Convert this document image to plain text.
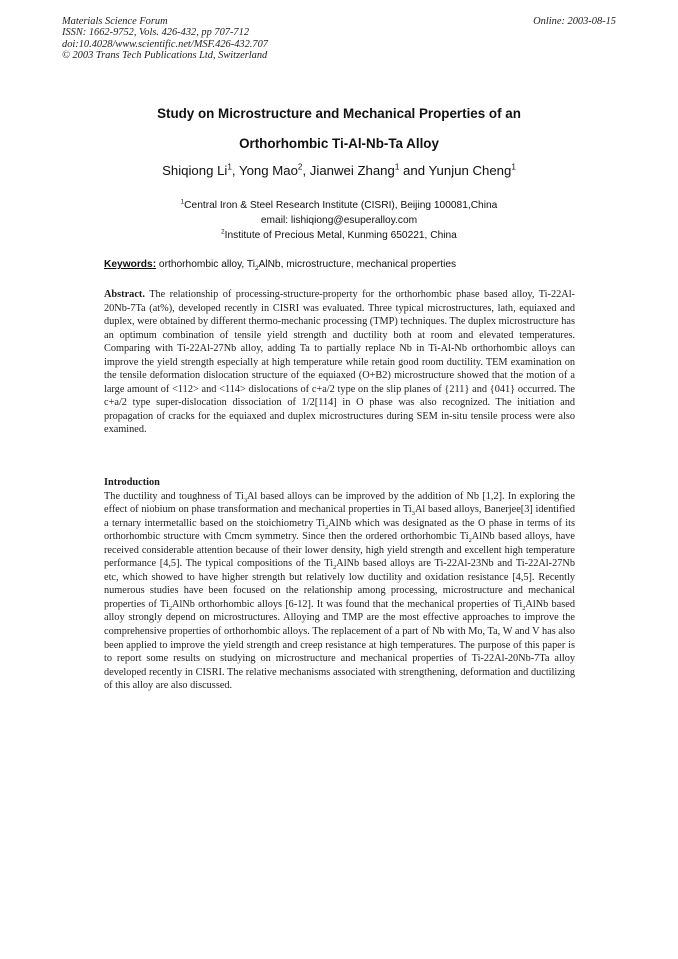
Materials Science Forum
ISSN: 1662-9752, Vols. 426-432, pp 707-712
doi:10.4028/www.scientific.net/MSF.426-432.707
© 2003 Trans Tech Publications Ltd, Switzerland
Online: 2003-08-15
Study on Microstructure and Mechanical Properties of an
Orthorhombic Ti-Al-Nb-Ta Alloy
Shiqiong Li$^1$, Yong Mao$^2$, Jianwei Zhang$^1$ and Yunjun Cheng$^1$
$^1$Central Iron & Steel Research Institute (CISRI), Beijing 100081,China
email: lishiqiong@esuperalloy.com
$^2$Institute of Precious Metal, Kunming 650221, China
Keywords: orthorhombic alloy, $Ti_2AlNb$, microstructure, mechanical properties
Abstract. The relationship of processing-structure-property for the orthorhombic phase based alloy, Ti-22Al-20Nb-7Ta (at%), developed recently in CISRI was evaluated. Three typical microstructures, lath, equiaxed and duplex, were obtained by different thermo-mechanic processing (TMP) techniques. The duplex microstructure has an optimum combination of tensile yield strength and ductility both at room and elevated temperatures. Comparing with Ti-22Al-27Nb alloy, adding Ta to partially replace Nb in Ti-Al-Nb orthorhombic alloys can improve the yield strength especially at high temperature while retain good room ductility. TEM examination on the tensile deformation dislocation structure of the equiaxed (O+B2) microstructure showed that the motion of a large amount of <112> and <114> dislocations of c+a/2 type on the slip planes of {211} and {041} occurred. The c+a/2 type super-dislocation dissociation of 1/2[114] in O phase was also recognized. The initiation and propagation of cracks for the equiaxed and duplex microstructures during SEM in-situ tensile process were also examined.
Introduction
The ductility and toughness of $Ti_3Al$ based alloys can be improved by the addition of Nb [1,2]. In exploring the effect of niobium on phase transformation and mechanical properties in $Ti_3Al$ based alloys, Banerjee[3] identified a ternary intermetallic based on the stoichiometry $Ti_2AlNb$ which was designated as the O phase in terms of its orthorhombic structure with Cmcm symmetry. Since then the ordered orthorhombic $Ti_2AlNb$ based alloys, have received considerable attention because of their lower density, high yield strength and excellent high temperature performance [4,5]. The typical compositions of the $Ti_2AlNb$ based alloys are Ti-22Al-23Nb and Ti-22Al-27Nb etc, which showed to have higher strength but relatively low ductility and oxidation resistance [4,5]. Recently numerous studies have been focused on the relationship among processing, microstructure and mechanical properties of $Ti_2AlNb$ orthorhombic alloys [6-12]. It was found that the mechanical properties of $Ti_2AlNb$ based alloy strongly depend on microstructures. Alloying and TMP are the most effective approaches to improve the comprehensive properties of orthorhombic alloys. The replacement of a part of Nb with Mo, Ta, W and V has also been applied to improve the yield strength and creep resistance at high temperatures. The purpose of this paper is to report some results on studying on microstructure and mechanical properties of Ti-22Al-20Nb-7Ta alloy developed recently in CISRI. The relative mechanisms associated with strengthening, deformation and ductilizing of this alloy are also discussed.
